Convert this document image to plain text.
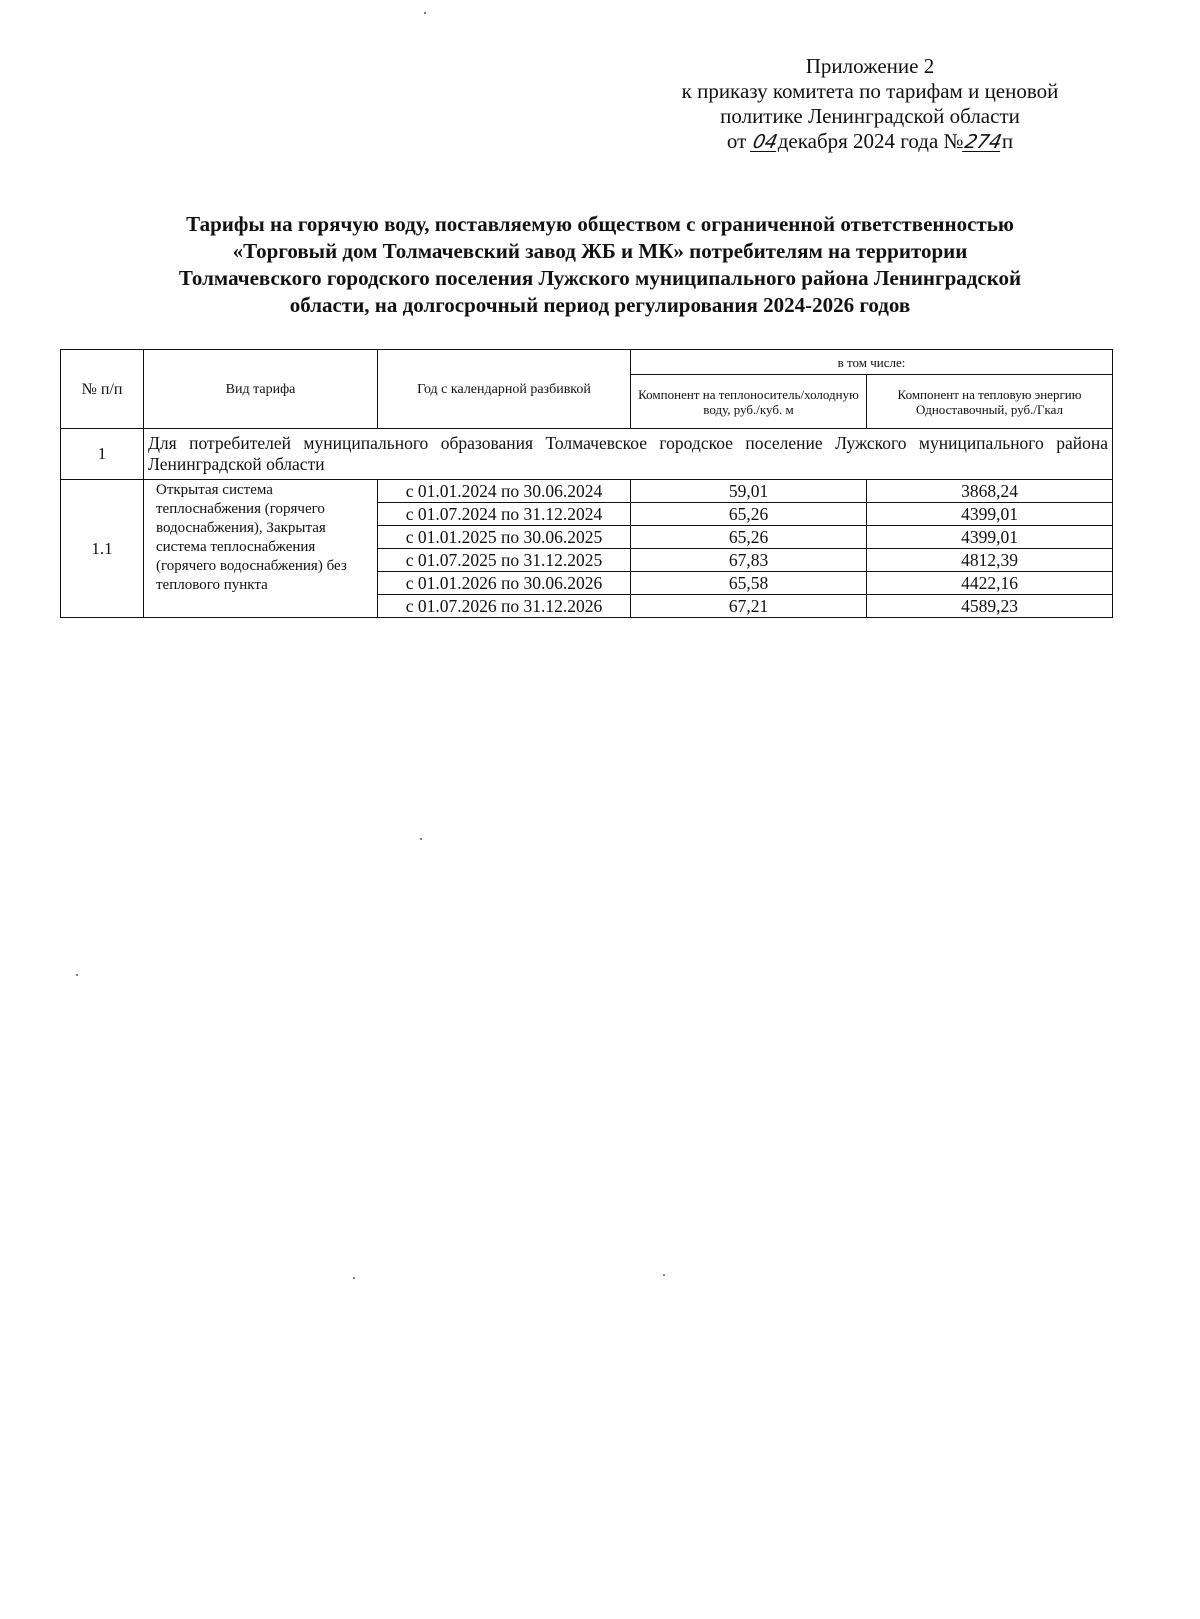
Приложение 2
к приказу комитета по тарифам и ценовой
политике Ленинградской области
от 04декабря 2024 года №274п
Тарифы на горячую воду, поставляемую обществом с ограниченной ответственностью
«Торговый дом Толмачевский завод ЖБ и МК» потребителям на территории
Толмачевского городского поселения Лужского муниципального района Ленинградской
области, на долгосрочный период регулирования 2024-2026 годов
№ п/п	Вид тарифа	Год с календарной разбивкой	в том числе:	
			Компонент на теплоноситель/холодную воду, руб./куб. м	Компонент на тепловую энергию
Одноставочный, руб./Гкал
1	Для потребителей муниципального образования Толмачевское городское поселение Лужского муниципального района Ленинградской области			
1.1	Открытая система теплоснабжения (горячего водоснабжения), Закрытая система теплоснабжения (горячего водоснабжения) без теплового пункта	с 01.01.2024 по 30.06.2024	59,01	3868,24
		с 01.07.2024 по 31.12.2024	65,26	4399,01
		с 01.01.2025 по 30.06.2025	65,26	4399,01
		с 01.07.2025 по 31.12.2025	67,83	4812,39
		с 01.01.2026 по 30.06.2026	65,58	4422,16
		с 01.07.2026 по 31.12.2026	67,21	4589,23
